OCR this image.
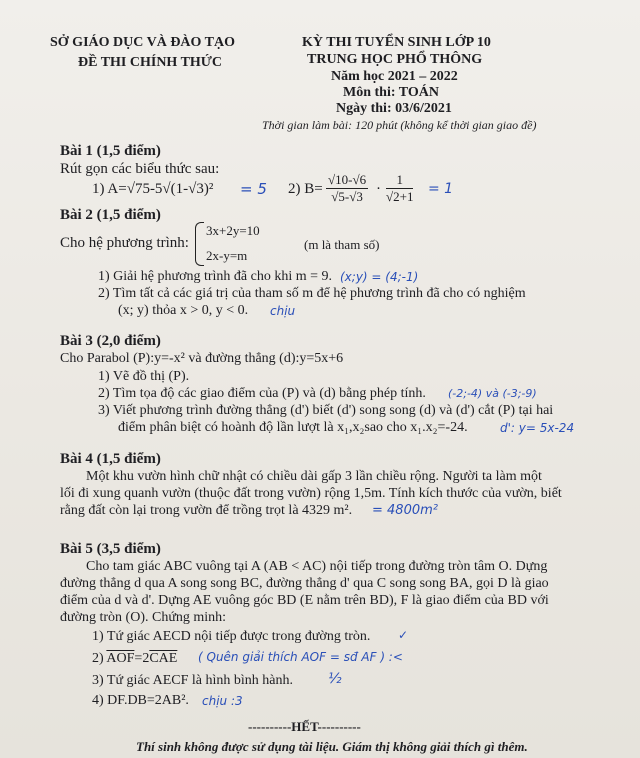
SỞ GIÁO DỤC VÀ ĐÀO TẠO
ĐỀ THI CHÍNH THỨC
KỲ THI TUYỂN SINH LỚP 10
TRUNG HỌC PHỔ THÔNG
Năm học 2021 – 2022
Môn thi: TOÁN
Ngày thi: 03/6/2021
Thời gian làm bài: 120 phút (không kể thời gian giao đề)
Bài 1 (1,5 điểm)
Rút gọn các biểu thức sau:
1) A=√75-5√(1-√3)² = 5 2) $B= \frac{√10-√6}{√5-√3} \cdot \frac{1}{√2+1} = 1$
Bài 2 (1,5 điểm)
Cho hệ phương trình:
3x+2y=10
2x-y=m
(m là tham số)
1) Giải hệ phương trình đã cho khi m = 9. (x;y) = (4;-1)
2) Tìm tất cả các giá trị của tham số m để hệ phương trình đã cho có nghiệm
(x; y) thỏa x > 0, y < 0. chịu
Bài 3 (2,0 điểm)
Cho Parabol (P):y=-x² và đường thẳng (d):y=5x+6
1) Vẽ đồ thị (P).
2) Tìm tọa độ các giao điểm của (P) và (d) bằng phép tính. (-2;-4) và (-3;-9)
3) Viết phương trình đường thẳng (d') biết (d') song song (d) và (d') cắt (P) tại hai
điểm phân biệt có hoành độ lần lượt là x₁,x₂sao cho x₁.x₂=-24.	d': y= 5x-24
Bài 4 (1,5 điểm)
Một khu vườn hình chữ nhật có chiều dài gấp 3 lần chiều rộng. Người ta làm một
lối đi xung quanh vườn (thuộc đất trong vườn) rộng 1,5m. Tính kích thước của vườn, biết
rằng đất còn lại trong vườn để trồng trọt là 4329 m². = 4800m²
Bài 5 (3,5 điểm)
Cho tam giác ABC vuông tại A (AB < AC) nội tiếp trong đường tròn tâm O. Dựng
đường thẳng d qua A song song BC, đường thẳng d' qua C song song BA, gọi D là giao
điểm của d và d'. Dựng AE vuông góc BD (E nằm trên BD), F là giao điểm của BD với
đường tròn (O). Chứng minh:
1) Tứ giác AECD nội tiếp được trong đường tròn. ✓
2) $\overline{AOF}=2\overline{CAE}$ ( Quên giải thích AOF = sđ AF ) :<
3) Tứ giác AECF là hình bình hành.	½
4) DF.DB=2AB². chịu :3
----------HẾT----------
Thí sinh không được sử dụng tài liệu. Giám thị không giải thích gì thêm.
